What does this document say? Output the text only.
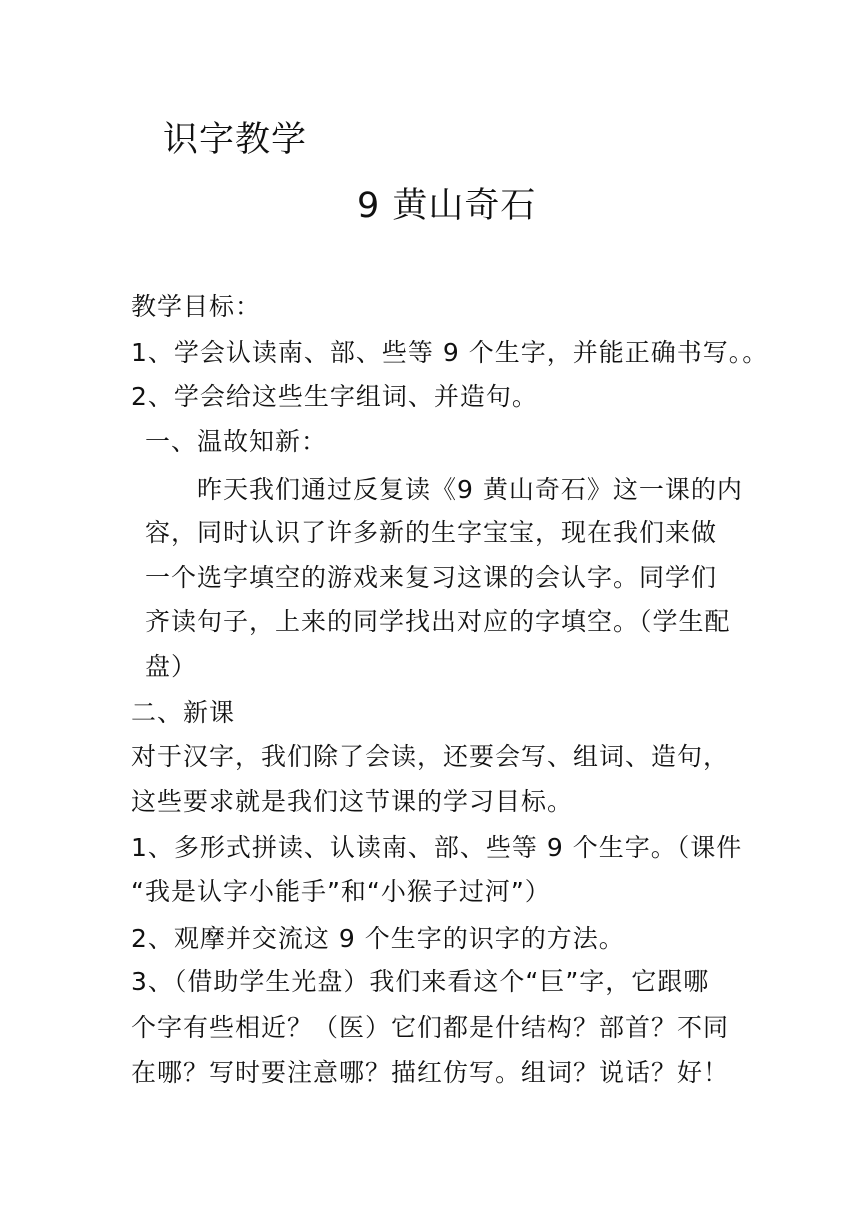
识字教学
9 黄山奇石
教学目标：
1、学会认读南、部、些等 9 个生字，并能正确书写。。
2、学会给这些生字组词、并造句。
一、温故知新：
昨天我们通过反复读《9 黄山奇石》这一课的内
容，同时认识了许多新的生字宝宝，现在我们来做
一个选字填空的游戏来复习这课的会认字。同学们
齐读句子，上来的同学找出对应的字填空。（学生配
盘）
二、新课
对于汉字，我们除了会读，还要会写、组词、造句，
这些要求就是我们这节课的学习目标。
1、多形式拼读、认读南、部、些等 9 个生字。（课件
“我是认字小能手”和“小猴子过河”）
2、观摩并交流这 9 个生字的识字的方法。
3、（借助学生光盘）我们来看这个“巨”字，它跟哪
个字有些相近？（医）它们都是什结构？部首？不同
在哪？写时要注意哪？描红仿写。组词？说话？好！
